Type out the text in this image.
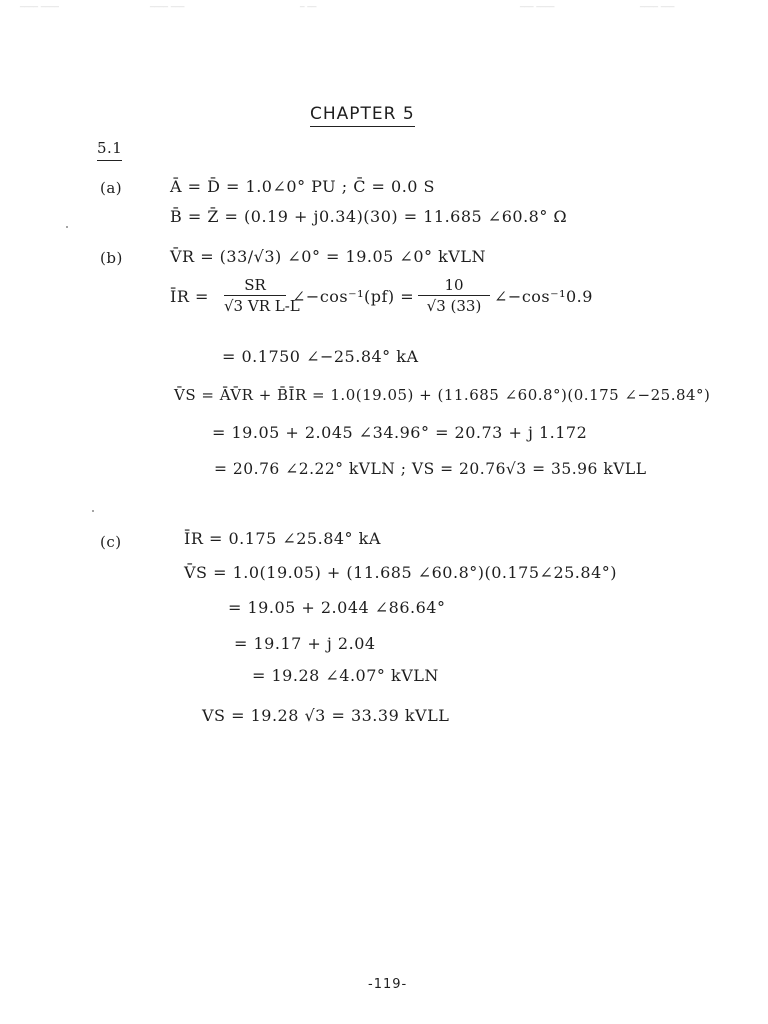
____ ____	____ ___	_ __	___ ____	____ ___
CHAPTER 5
5.1
(a)	Ā = D̄ = 1.0∠0° PU ; C̄ = 0.0 S
B̄ = Z̄ = (0.19 + j0.34)(30) = 11.685 ∠60.8° Ω
(b)	V̄R = (33/√3) ∠0° = 19.05 ∠0° kVLN
ĪR =
SR
√3 VR L-L
∠−cos⁻¹(pf) =
10
√3 (33) ∠−cos⁻¹0.9
= 0.1750 ∠−25.84° kA
V̄S = ĀV̄R + B̄ĪR = 1.0(19.05) + (11.685 ∠60.8°)(0.175 ∠−25.84°)
= 19.05 + 2.045 ∠34.96° = 20.73 + j 1.172
= 20.76 ∠2.22° kVLN ; VS = 20.76√3 = 35.96 kVLL
(c)	ĪR = 0.175 ∠25.84° kA
V̄S = 1.0(19.05) + (11.685 ∠60.8°)(0.175∠25.84°)
= 19.05 + 2.044 ∠86.64°
= 19.17 + j 2.04
= 19.28 ∠4.07° kVLN
VS = 19.28 √3 = 33.39 kVLL
-119-
